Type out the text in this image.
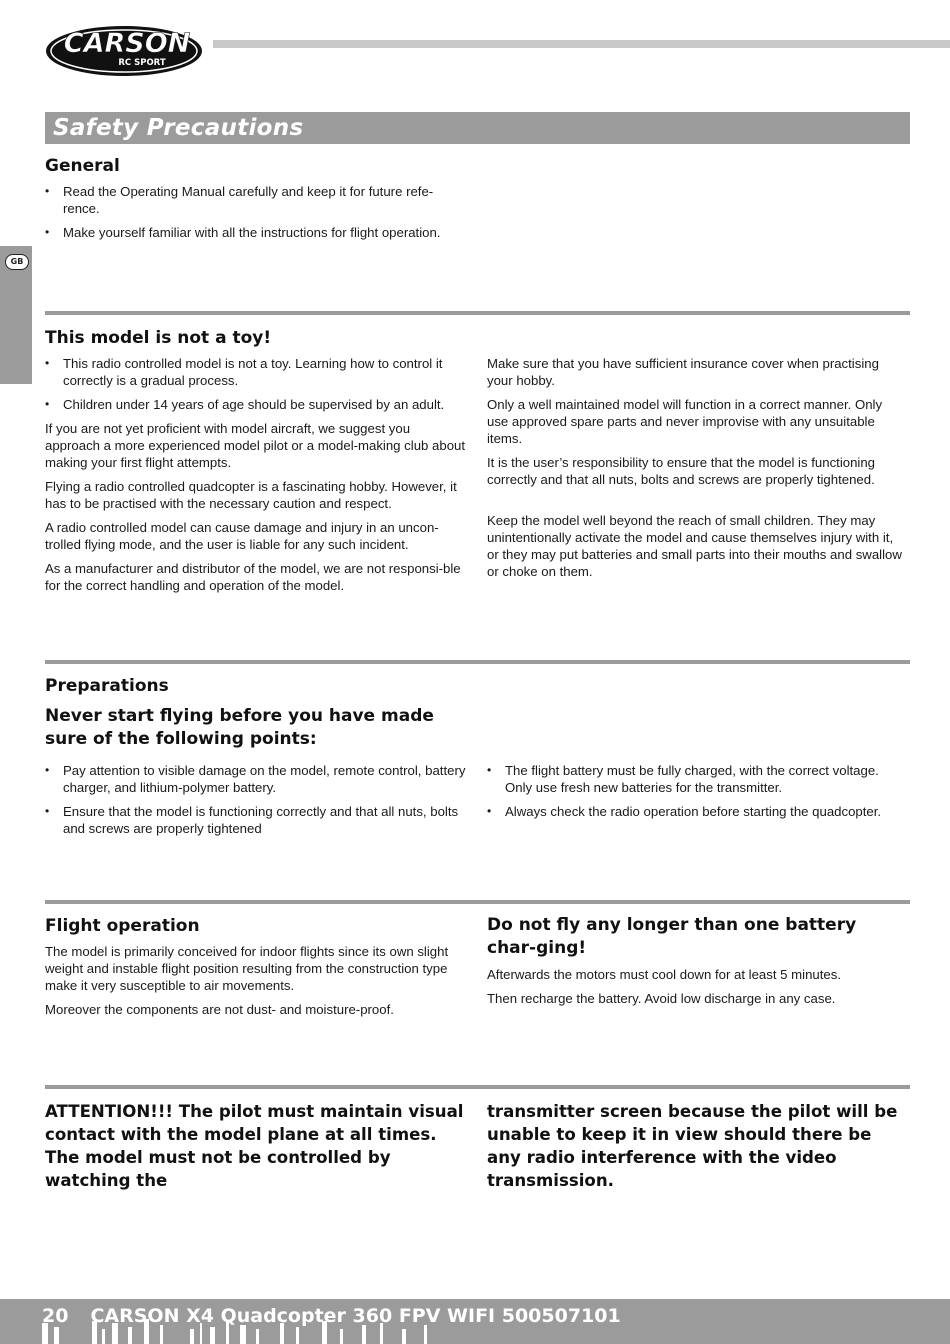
CARSON
RC SPORT
Safety Precautions
GB
General
• Read the Operating Manual carefully and keep it for future refe-rence.
• Make yourself familiar with all the instructions for flight operation.
This model is not a toy!
• This radio controlled model is not a toy. Learning how to control it correctly is a gradual process.
• Children under 14 years of age should be supervised by an adult.

If you are not yet proficient with model aircraft, we suggest you approach a more experienced model pilot or a model-making club about making your first flight attempts.

Flying a radio controlled quadcopter is a fascinating hobby. However, it has to be practised with the necessary caution and respect.

A radio controlled model can cause damage and injury in an uncon-trolled flying mode, and the user is liable for any such incident.

As a manufacturer and distributor of the model, we are not responsi-ble for the correct handling and operation of the model.

Make sure that you have sufficient insurance cover when practising your hobby.

Only a well maintained model will function in a correct manner. Only use approved spare parts and never improvise with any unsuitable items.

It is the user’s responsibility to ensure that the model is functioning correctly and that all nuts, bolts and screws are properly tightened.

Keep the model well beyond the reach of small children. They may unintentionally activate the model and cause themselves injury with it, or they may put batteries and small parts into their mouths and swallow or choke on them.

Preparations
Never start flying before you have made sure of the following points:
• Pay attention to visible damage on the model, remote control, battery charger, and lithium-polymer battery.
• Ensure that the model is functioning correctly and that all nuts, bolts and screws are properly tightened
• The flight battery must be fully charged, with the correct voltage. Only use fresh new batteries for the transmitter.
• Always check the radio operation before starting the quadcopter.
Flight operation

The model is primarily conceived for indoor flights since its own slight weight and instable flight position resulting from the construction type make it very susceptible to air movements.

Moreover the components are not dust- and moisture-proof.

Do not fly any longer than one battery char-ging!

Afterwards the motors must cool down for at least 5 minutes.

Then recharge the battery. Avoid low discharge in any case.

ATTENTION!!! The pilot must maintain visual contact with the model plane at all times. The model must not be controlled by watching the

transmitter screen because the pilot will be unable to keep it in view should there be any radio interference with the video transmission.

20 CARSON X4 Quadcopter 360 FPV WIFI 500507101
